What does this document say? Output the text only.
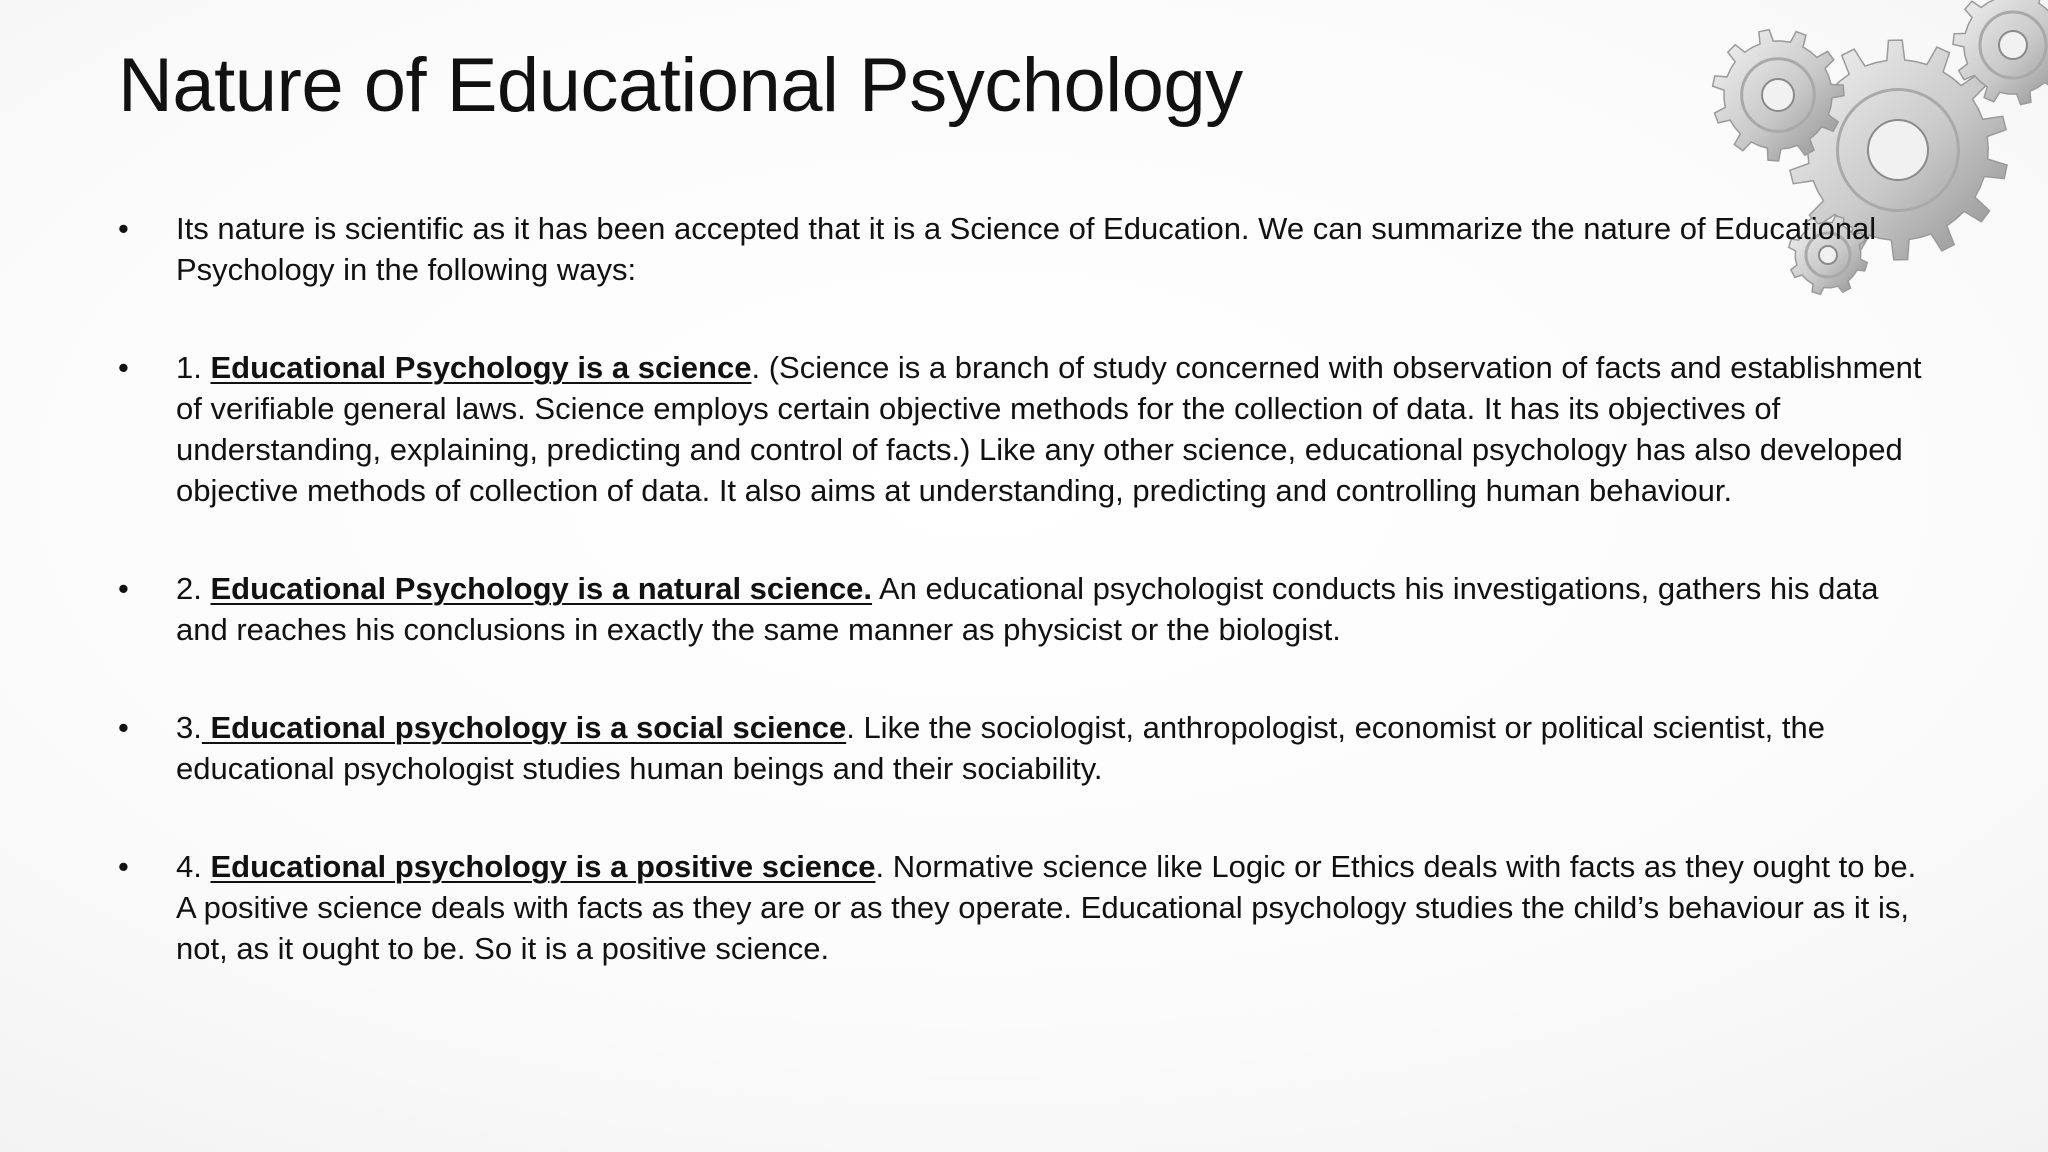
Nature of Educational Psychology
• Its nature is scientific as it has been accepted that it is a Science of Education. We can summarize the nature of Educational Psychology in the following ways:
• 1. Educational Psychology is a science. (Science is a branch of study concerned with observation of facts and establishment of verifiable general laws. Science employs certain objective methods for the collection of data. It has its objectives of understanding, explaining, predicting and control of facts.) Like any other science, educational psychology has also developed objective methods of collection of data. It also aims at understanding, predicting and controlling human behaviour.
• 2. Educational Psychology is a natural science. An educational psychologist conducts his investigations, gathers his data and reaches his conclusions in exactly the same manner as physicist or the biologist.
• 3. Educational psychology is a social science. Like the sociologist, anthropologist, economist or political scientist, the educational psychologist studies human beings and their sociability.
• 4. Educational psychology is a positive science. Normative science like Logic or Ethics deals with facts as they ought to be. A positive science deals with facts as they are or as they operate. Educational psychology studies the child’s behaviour as it is, not, as it ought to be. So it is a positive science.
